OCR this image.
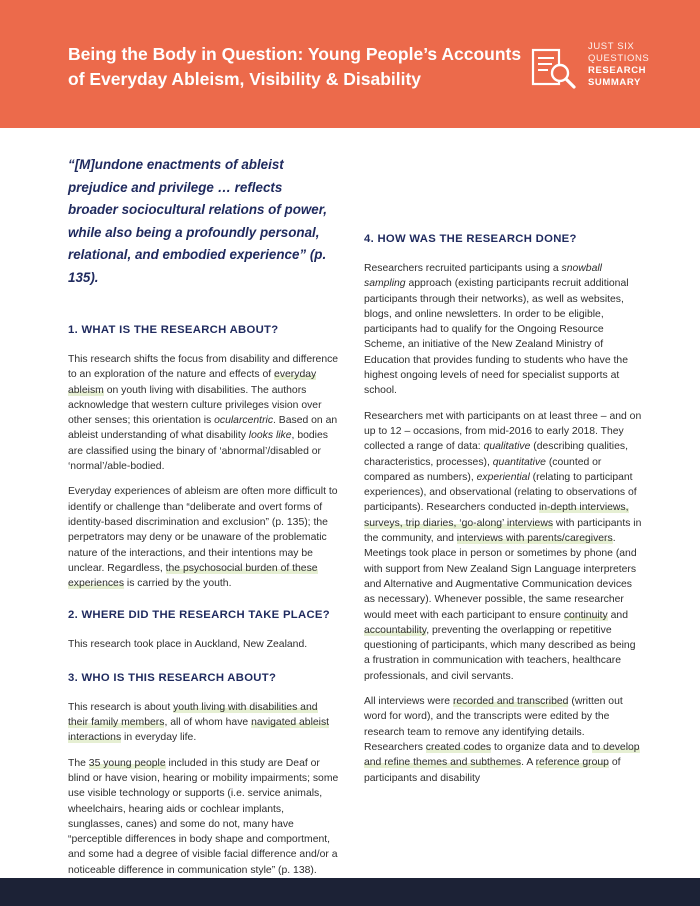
Being the Body in Question: Young People’s Accounts of Everyday Ableism, Visibility & Disability
JUST SIX
QUESTIONS
RESEARCH
SUMMARY

“[M]undone enactments of ableist prejudice and privilege … reflects broader sociocultural relations of power, while also being a profoundly personal, relational, and embodied experience” (p. 135).

1. WHAT IS THE RESEARCH ABOUT?

This research shifts the focus from disability and difference to an exploration of the nature and effects of everyday ableism on youth living with disabilities. The authors acknowledge that western culture privileges vision over other senses; this orientation is ocularcentric. Based on an ableist understanding of what disability looks like, bodies are classified using the binary of ‘abnormal’/disabled or ‘normal’/able-bodied.

Everyday experiences of ableism are often more difficult to identify or challenge than “deliberate and overt forms of identity-based discrimination and exclusion” (p. 135); the perpetrators may deny or be unaware of the problematic nature of the interactions, and their intentions may be unclear. Regardless, the psychosocial burden of these experiences is carried by the youth.

2. WHERE DID THE RESEARCH TAKE PLACE?

This research took place in Auckland, New Zealand.

3. WHO IS THIS RESEARCH ABOUT?

This research is about youth living with disabilities and their family members, all of whom have navigated ableist interactions in everyday life.

The 35 young people included in this study are Deaf or blind or have vision, hearing or mobility impairments; some use visible technology or supports (i.e. service animals, wheelchairs, hearing aids or cochlear implants, sunglasses, canes) and some do not, many have “perceptible differences in body shape and comportment, and some had a degree of visible facial difference and/or a noticeable difference in communication style” (p. 138).

4. HOW WAS THE RESEARCH DONE?

Researchers recruited participants using a snowball sampling approach (existing participants recruit additional participants through their networks), as well as websites, blogs, and online newsletters. In order to be eligible, participants had to qualify for the Ongoing Resource Scheme, an initiative of the New Zealand Ministry of Education that provides funding to students who have the highest ongoing levels of need for specialist supports at school.

Researchers met with participants on at least three – and on up to 12 – occasions, from mid-2016 to early 2018. They collected a range of data: qualitative (describing qualities, characteristics, processes), quantitative (counted or compared as numbers), experiential (relating to participant experiences), and observational (relating to observations of participants). Researchers conducted in-depth interviews, surveys, trip diaries, ‘go-along’ interviews with participants in the community, and interviews with parents/caregivers. Meetings took place in person or sometimes by phone (and with support from New Zealand Sign Language interpreters and Alternative and Augmentative Communication devices as necessary). Whenever possible, the same researcher would meet with each participant to ensure continuity and accountability, preventing the overlapping or repetitive questioning of participants, which many described as being a frustration in communication with teachers, healthcare professionals, and civil servants.

All interviews were recorded and transcribed (written out word for word), and the transcripts were edited by the research team to remove any identifying details. Researchers created codes to organize data and to develop and refine themes and subthemes. A reference group of participants and disability
